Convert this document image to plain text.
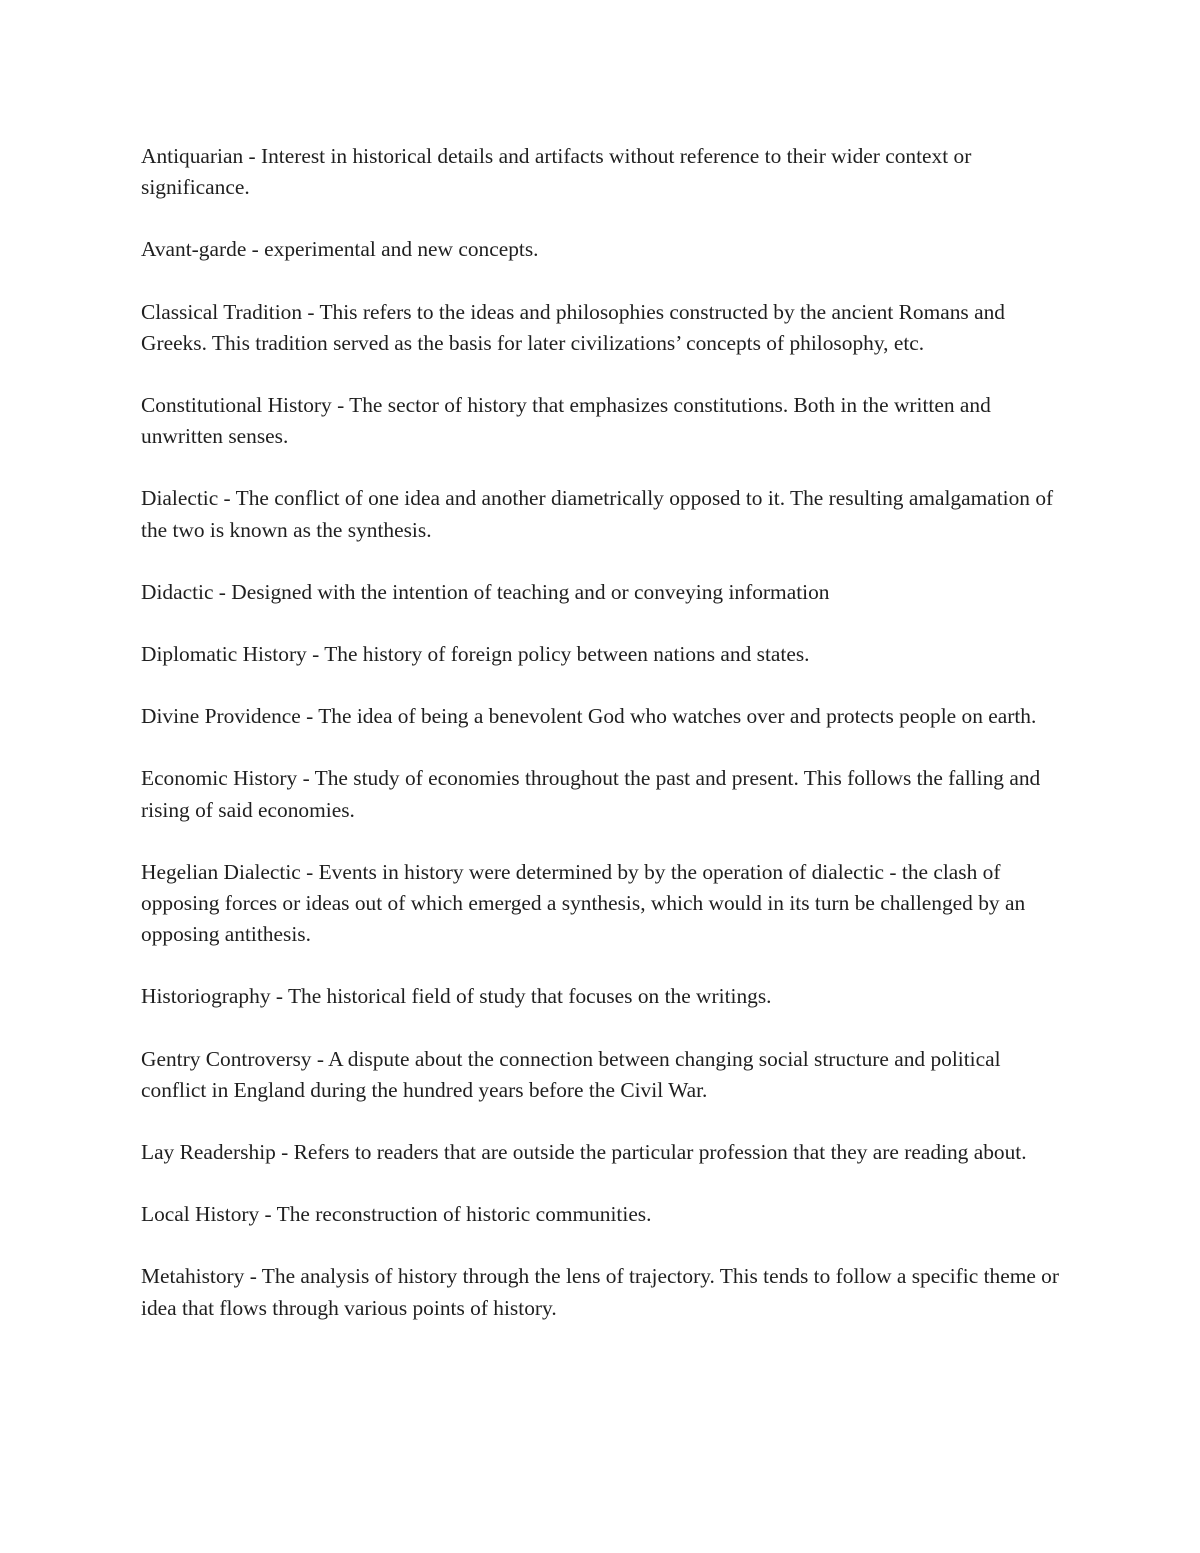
Antiquarian - Interest in historical details and artifacts without reference to their wider context or significance.

Avant-garde - experimental and new concepts.

Classical Tradition - This refers to the ideas and philosophies constructed by the ancient Romans and Greeks. This tradition served as the basis for later civilizations’ concepts of philosophy, etc.

Constitutional History - The sector of history that emphasizes constitutions. Both in the written and unwritten senses.

Dialectic - The conflict of one idea and another diametrically opposed to it. The resulting amalgamation of the two is known as the synthesis.

Didactic - Designed with the intention of teaching and or conveying information

Diplomatic History - The history of foreign policy between nations and states.

Divine Providence - The idea of being a benevolent God who watches over and protects people on earth.

Economic History - The study of economies throughout the past and present. This follows the falling and rising of said economies.

Hegelian Dialectic - Events in history were determined by by the operation of dialectic - the clash of opposing forces or ideas out of which emerged a synthesis, which would in its turn be challenged by an opposing antithesis.

Historiography - The historical field of study that focuses on the writings.

Gentry Controversy - A dispute about the connection between changing social structure and political conflict in England during the hundred years before the Civil War.

Lay Readership - Refers to readers that are outside the particular profession that they are reading about.

Local History - The reconstruction of historic communities.

Metahistory - The analysis of history through the lens of trajectory. This tends to follow a specific theme or idea that flows through various points of history.
